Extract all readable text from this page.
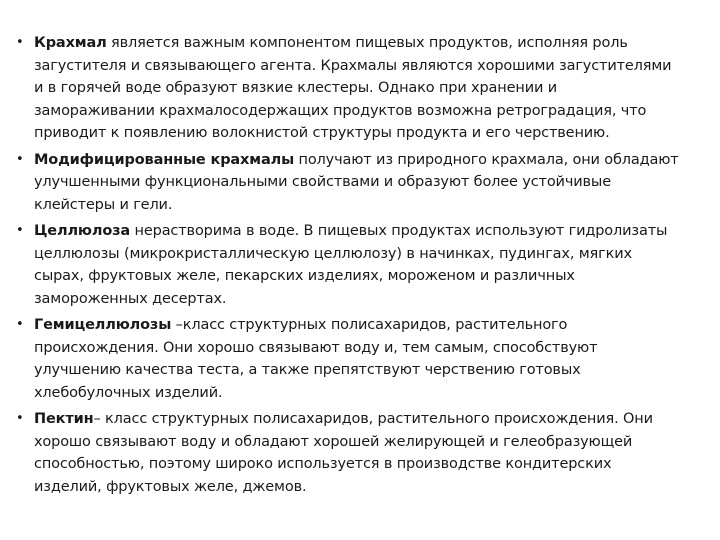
• Крахмал является важным компонентом пищевых продуктов, исполняя роль загустителя и связывающего агента. Крахмалы являются хорошими загустителями и в горячей воде образуют вязкие клестеры. Однако при хранении и замораживании крахмалосодержащих продуктов возможна ретроградация, что приводит к появлению волокнистой структуры продукта и его черствению.
• Модифицированные крахмалы получают из природного крахмала, они обладают улучшенными функциональными свойствами и образуют более устойчивые клейстеры и гели.
• Целлюлоза нерастворима в воде. В пищевых продуктах используют гидролизаты целлюлозы (микрокристаллическую целлюлозу) в начинках, пудингах, мягких сырах, фруктовых желе, пекарских изделиях, мороженом и различных замороженных десертах.
• Гемицеллюлозы –класс структурных полисахаридов, растительного происхождения. Они хорошо связывают воду и, тем самым, способствуют улучшению качества теста, а также препятствуют черствению готовых хлебобулочных изделий.
• Пектин– класс структурных полисахаридов, растительного происхождения. Они хорошо связывают воду и обладают хорошей желирующей и гелеобразующей способностью, поэтому широко используется в производстве кондитерских изделий, фруктовых желе, джемов.
